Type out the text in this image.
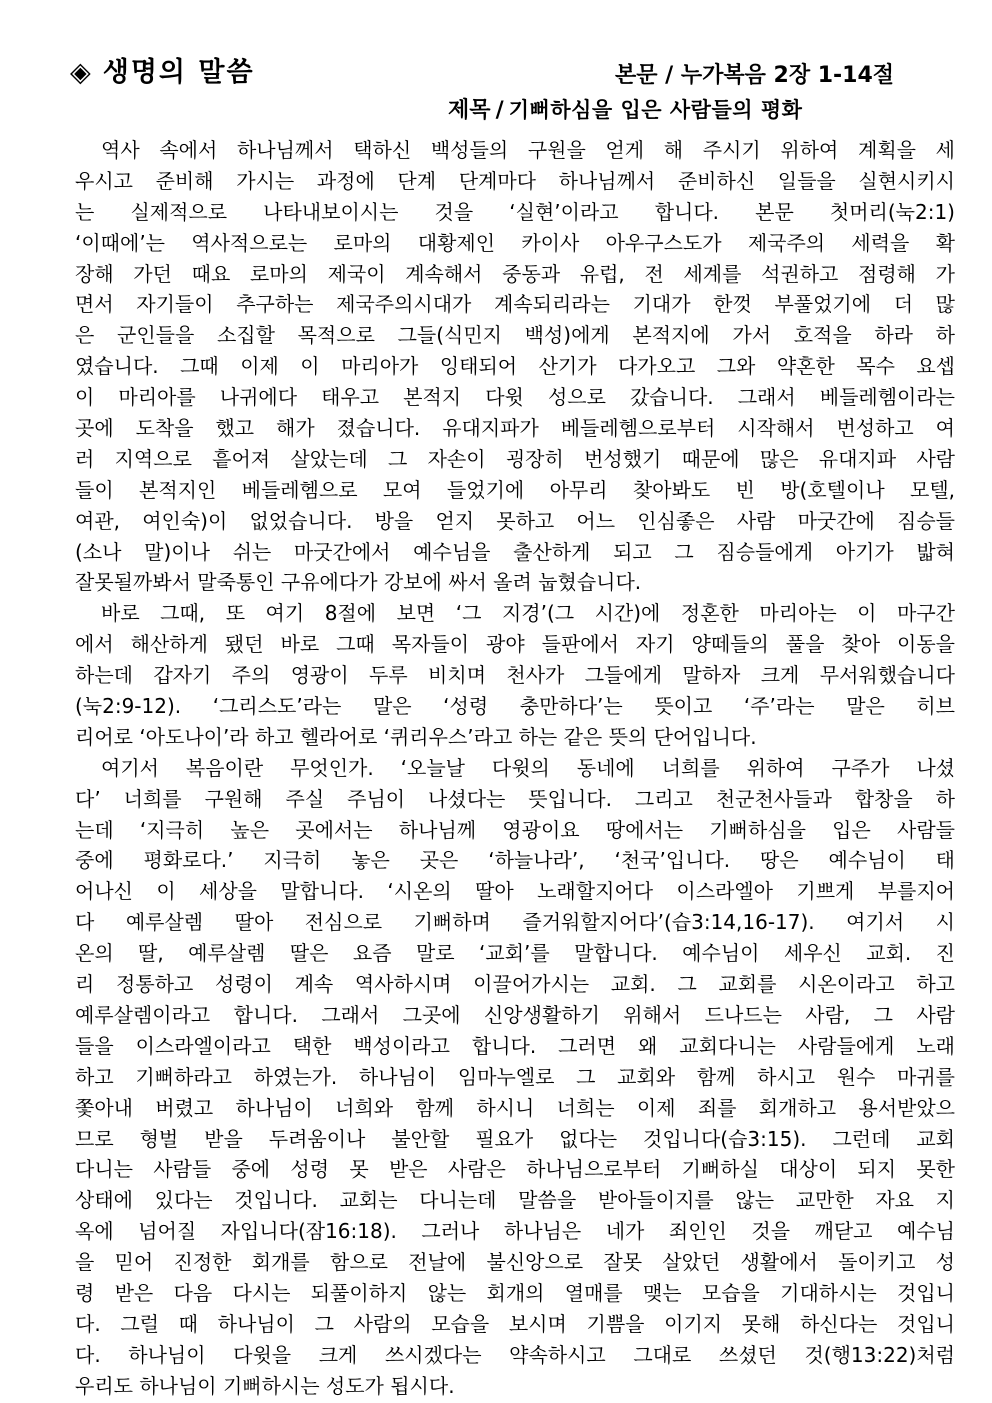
◈ 생명의 말씀	본문 / 누가복음 2장 1-14절
제목 / 기뻐하심을 입은 사람들의 평화
역사 속에서 하나님께서 택하신 백성들의 구원을 얻게 해 주시기 위하여 계획을 세
우시고 준비해 가시는 과정에 단계 단계마다 하나님께서 준비하신 일들을 실현시키시
는 실제적으로 나타내보이시는 것을 ‘실현’이라고 합니다. 본문 첫머리(눅2:1)
‘이때에’는 역사적으로는 로마의 대황제인 카이사 아우구스도가 제국주의 세력을 확
장해 가던 때요 로마의 제국이 계속해서 중동과 유럽, 전 세계를 석권하고 점령해 가
면서 자기들이 추구하는 제국주의시대가 계속되리라는 기대가 한껏 부풀었기에 더 많
은 군인들을 소집할 목적으로 그들(식민지 백성)에게 본적지에 가서 호적을 하라 하
였습니다. 그때 이제 이 마리아가 잉태되어 산기가 다가오고 그와 약혼한 목수 요셉
이 마리아를 나귀에다 태우고 본적지 다윗 성으로 갔습니다. 그래서 베들레헴이라는
곳에 도착을 했고 해가 졌습니다. 유대지파가 베들레헴으로부터 시작해서 번성하고 여
러 지역으로 흩어져 살았는데 그 자손이 굉장히 번성했기 때문에 많은 유대지파 사람
들이 본적지인 베들레헴으로 모여 들었기에 아무리 찾아봐도 빈 방(호텔이나 모텔,
여관, 여인숙)이 없었습니다. 방을 얻지 못하고 어느 인심좋은 사람 마굿간에 짐승들
(소나 말)이나 쉬는 마굿간에서 예수님을 출산하게 되고 그 짐승들에게 아기가 밟혀
잘못될까봐서 말죽통인 구유에다가 강보에 싸서 올려 눕혔습니다.
바로 그때, 또 여기 8절에 보면 ‘그 지경’(그 시간)에 정혼한 마리아는 이 마구간
에서 해산하게 됐던 바로 그때 목자들이 광야 들판에서 자기 양떼들의 풀을 찾아 이동을
하는데 갑자기 주의 영광이 두루 비치며 천사가 그들에게 말하자 크게 무서워했습니다
(눅2:9-12). ‘그리스도’라는 말은 ‘성령 충만하다’는 뜻이고 ‘주’라는 말은 히브
리어로 ‘아도나이’라 하고 헬라어로 ‘퀴리우스’라고 하는 같은 뜻의 단어입니다.
여기서 복음이란 무엇인가. ‘오늘날 다윗의 동네에 너희를 위하여 구주가 나셨
다’ 너희를 구원해 주실 주님이 나셨다는 뜻입니다. 그리고 천군천사들과 합창을 하
는데 ‘지극히 높은 곳에서는 하나님께 영광이요 땅에서는 기뻐하심을 입은 사람들
중에 평화로다.’ 지극히 놓은 곳은 ‘하늘나라’, ‘천국’입니다. 땅은 예수님이 태
어나신 이 세상을 말합니다. ‘시온의 딸아 노래할지어다 이스라엘아 기쁘게 부를지어
다 예루살렘 딸아 전심으로 기뻐하며 즐거워할지어다’(습3:14,16-17). 여기서 시
온의 딸, 예루살렘 딸은 요즘 말로 ‘교회’를 말합니다. 예수님이 세우신 교회. 진
리 정통하고 성령이 계속 역사하시며 이끌어가시는 교회. 그 교회를 시온이라고 하고
예루살렘이라고 합니다. 그래서 그곳에 신앙생활하기 위해서 드나드는 사람, 그 사람
들을 이스라엘이라고 택한 백성이라고 합니다. 그러면 왜 교회다니는 사람들에게 노래
하고 기뻐하라고 하였는가. 하나님이 임마누엘로 그 교회와 함께 하시고 원수 마귀를
쫓아내 버렸고 하나님이 너희와 함께 하시니 너희는 이제 죄를 회개하고 용서받았으
므로 형벌 받을 두려움이나 불안할 필요가 없다는 것입니다(습3:15). 그런데 교회
다니는 사람들 중에 성령 못 받은 사람은 하나님으로부터 기뻐하실 대상이 되지 못한
상태에 있다는 것입니다. 교회는 다니는데 말씀을 받아들이지를 않는 교만한 자요 지
옥에 넘어질 자입니다(잠16:18). 그러나 하나님은 네가 죄인인 것을 깨닫고 예수님
을 믿어 진정한 회개를 함으로 전날에 불신앙으로 잘못 살았던 생활에서 돌이키고 성
령 받은 다음 다시는 되풀이하지 않는 회개의 열매를 맺는 모습을 기대하시는 것입니
다. 그럴 때 하나님이 그 사람의 모습을 보시며 기쁨을 이기지 못해 하신다는 것입니
다. 하나님이 다윗을 크게 쓰시겠다는 약속하시고 그대로 쓰셨던 것(행13:22)처럼
우리도 하나님이 기뻐하시는 성도가 됩시다.
